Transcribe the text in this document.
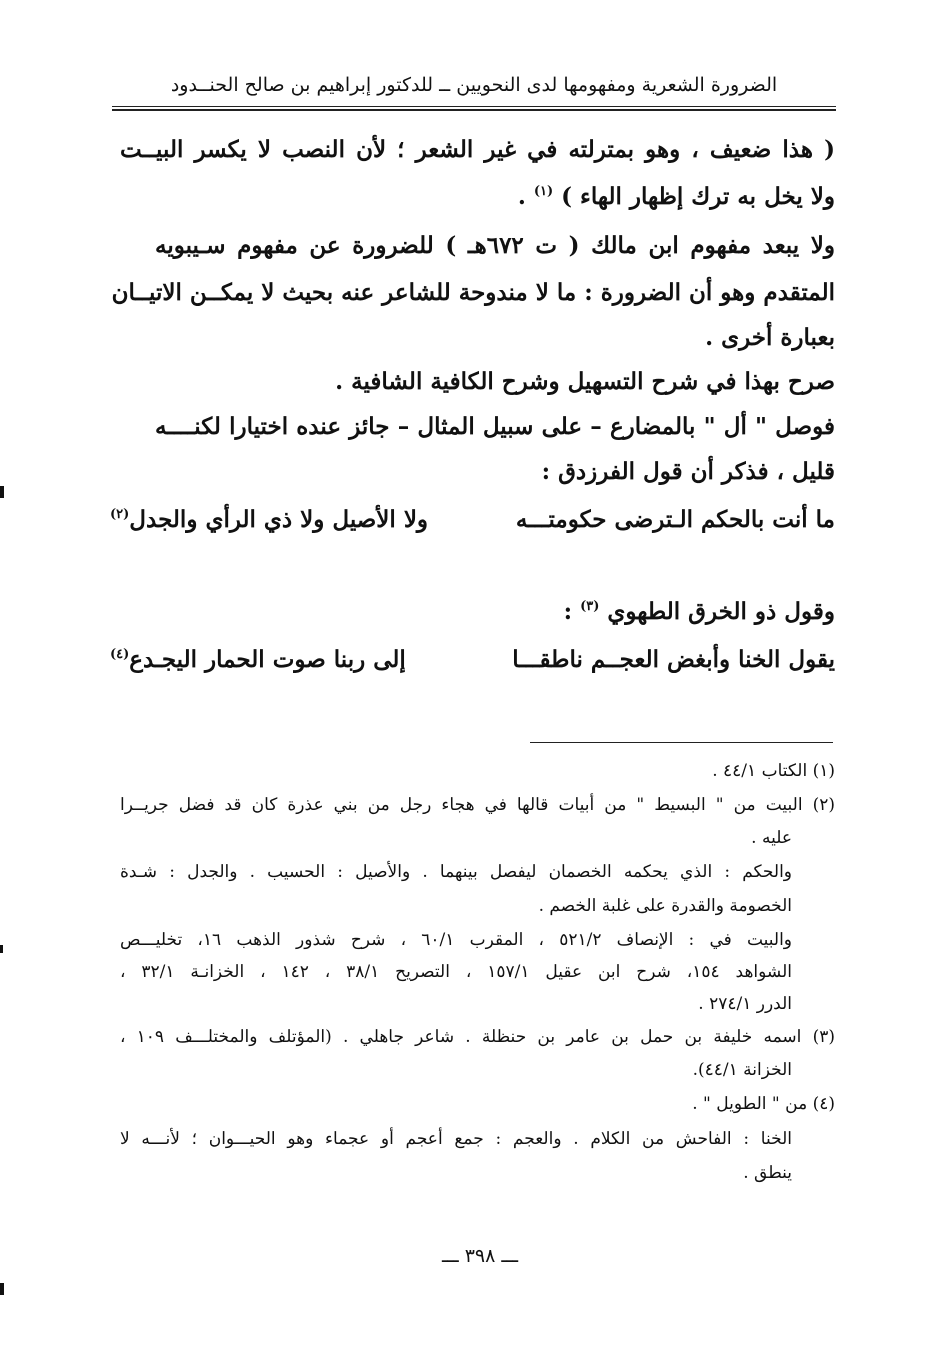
الضرورة الشعرية ومفهومها لدى النحويين ــ للدكتور إبراهيم بن صالح الحنــدود
( هذا ضعيف ، وهو بمترلته في غير الشعر ؛ لأن النصب لا يكسر البيــت
ولا يخل به ترك إظهار الهاء ) $^{(١)}$ .
ولا يبعد مفهوم ابن مالك ( ت ٦٧٢هـ ) للضرورة عن مفهوم سـيبويه
المتقدم وهو أن الضرورة : ما لا مندوحة للشاعر عنه بحيث لا يمكــن الاتيــان
بعبارة أخرى .
صرح بهذا في شرح التسهيل وشرح الكافية الشافية .
فوصل " أل " بالمضارع – على سبيل المثال – جائز عنده اختيارا لكنــــه
قليل ، فذكر أن قول الفرزدق :
ما أنت بالحكم الـترضى حكومتـــه
ولا الأصيل ولا ذي الرأي والجدل$^{(٢)}$
وقول ذو الخرق الطهوي $^{(٣)}$ :
يقول الخنا وأبغض العجــم ناطقـــا
إلى ربنا صوت الحمار اليجـدع$^{(٤)}$
(١) الكتاب ٤٤/١ .
(٢) البيت من " البسيط " من أبيات قالها في هجاء رجل من بني عذرة كان قد فضل جريــرا
عليه .
والحكم : الذي يحكمه الخصمان ليفصل بينهما . والأصيل : الحسيب . والجدل : شـدة
الخصومة والقدرة على غلبة الخصم .
والبيت في : الإنصاف ٥٢١/٢ ، المقرب ٦٠/١ ، شرح شذور الذهب ١٦، تخليـــص
الشواهد ١٥٤، شرح ابن عقيل ١٥٧/١ ، التصريح ٣٨/١ ، ١٤٢ ، الخزانـة ٣٢/١ ،
الدرر ٢٧٤/١ .
(٣) اسمه خليفة بن حمل بن عامر بن حنظلة . شاعر جاهلي . (المؤتلف والمختلـــف ١٠٩ ،
الخزانة ٤٤/١).
(٤) من " الطويل " .
الخنا : الفاحش من الكلام . والعجم : جمع أعجم أو عجماء وهو الحيـــوان ؛ لأنـــه لا
ينطق .
ـــ ٣٩٨ ـــ
